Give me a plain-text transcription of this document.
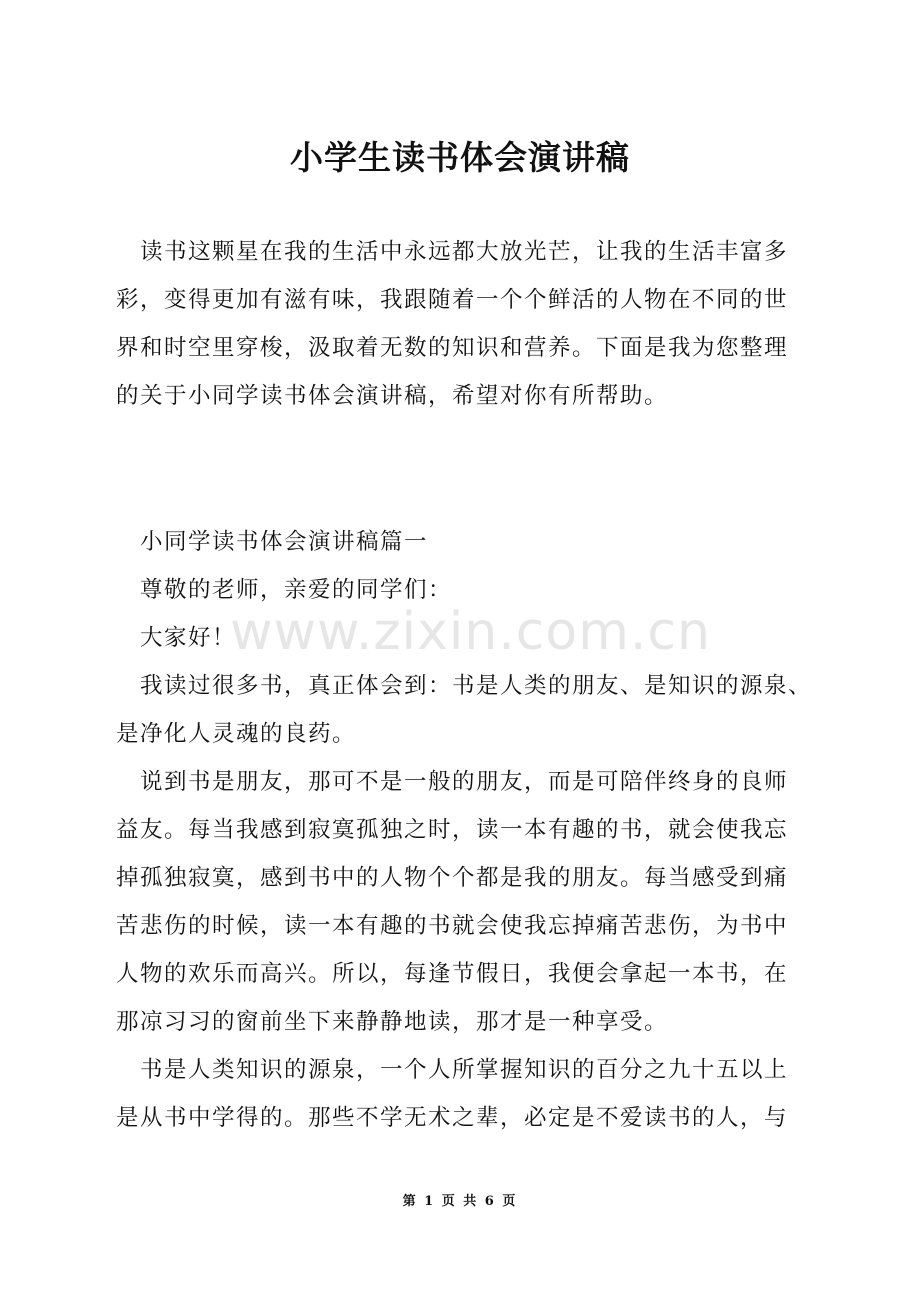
www.zixin.com.cn
小学生读书体会演讲稿
读书这颗星在我的生活中永远都大放光芒，让我的生活丰富多
彩，变得更加有滋有味，我跟随着一个个鲜活的人物在不同的世
界和时空里穿梭，汲取着无数的知识和营养。下面是我为您整理
的关于小同学读书体会演讲稿，希望对你有所帮助。
小同学读书体会演讲稿篇一
尊敬的老师，亲爱的同学们：
大家好！
我读过很多书，真正体会到：书是人类的朋友、是知识的源泉、
是净化人灵魂的良药。
说到书是朋友，那可不是一般的朋友，而是可陪伴终身的良师
益友。每当我感到寂寞孤独之时，读一本有趣的书，就会使我忘
掉孤独寂寞，感到书中的人物个个都是我的朋友。每当感受到痛
苦悲伤的时候，读一本有趣的书就会使我忘掉痛苦悲伤，为书中
人物的欢乐而高兴。所以，每逢节假日，我便会拿起一本书，在
那凉习习的窗前坐下来静静地读，那才是一种享受。
书是人类知识的源泉，一个人所掌握知识的百分之九十五以上
是从书中学得的。那些不学无术之辈，必定是不爱读书的人，与
第 1 页 共 6 页
